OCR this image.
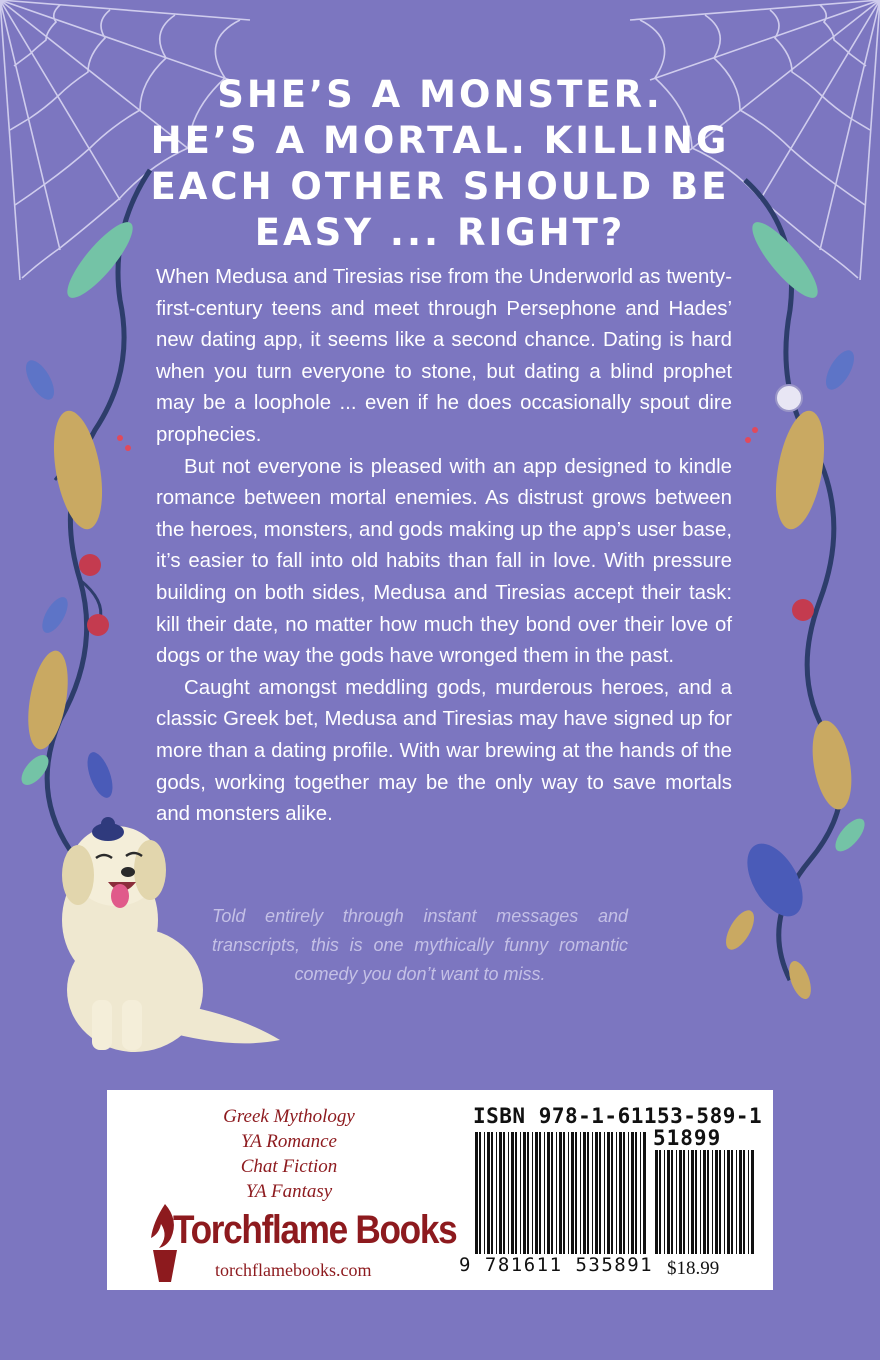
SHE’S A MONSTER.
HE’S A MORTAL. KILLING
EACH OTHER SHOULD BE
EASY ... RIGHT?

When Medusa and Tiresias rise from the Underworld as twenty-first-century teens and meet through Persephone and Hades’ new dating app, it seems like a second chance. Dating is hard when you turn everyone to stone, but dating a blind prophet may be a loophole ... even if he does occasionally spout dire prophecies.

But not everyone is pleased with an app designed to kindle romance between mortal enemies. As distrust grows between the heroes, monsters, and gods making up the app’s user base, it’s easier to fall into old habits than fall in love. With pressure building on both sides, Medusa and Tiresias accept their task: kill their date, no matter how much they bond over their love of dogs or the way the gods have wronged them in the past.

Caught amongst meddling gods, murderous heroes, and a classic Greek bet, Medusa and Tiresias may have signed up for more than a dating profile. With war brewing at the hands of the gods, working together may be the only way to save mortals and monsters alike.

Told entirely through instant messages and transcripts, this is one mythically funny romantic comedy you don’t want to miss.
Greek Mythology
YA Romance
Chat Fiction
YA Fantasy
Torchflame Books
torchflamebooks.com
ISBN 978-1-61153-589-1
51899
9 781611 535891 $18.99
